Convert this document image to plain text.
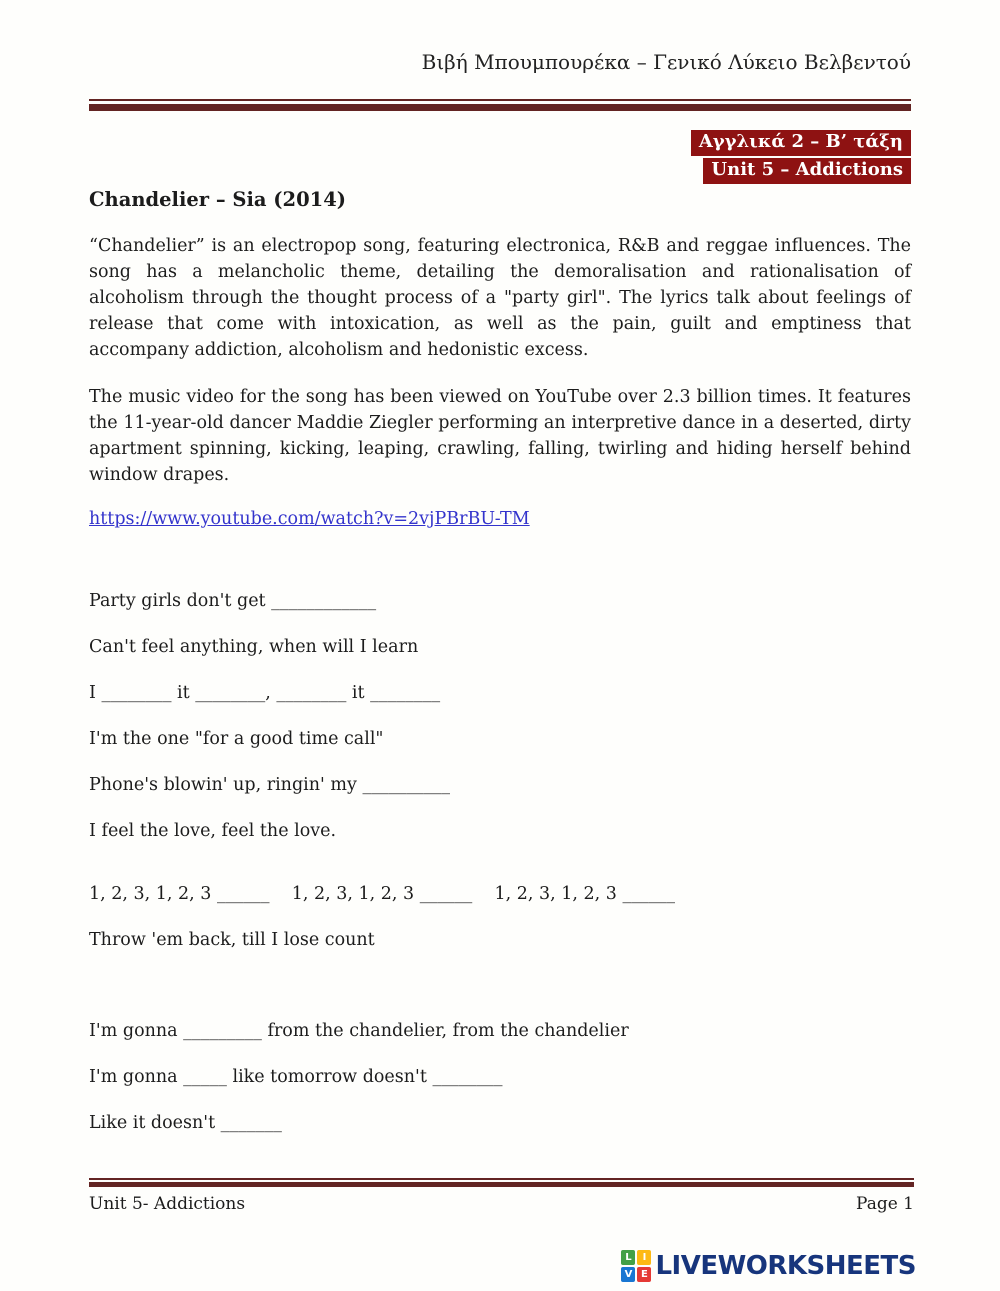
Βιβή Μπουμπουρέκα – Γενικό Λύκειο Βελβεντού
Αγγλικά 2 – Β’ τάξη
Unit 5 – Addictions
Chandelier – Sia (2014)

“Chandelier” is an electropop song, featuring electronica, R&B and reggae influences. The song has a melancholic theme, detailing the demoralisation and rationalisation of alcoholism through the thought process of a "party girl". The lyrics talk about feelings of release that come with intoxication, as well as the pain, guilt and emptiness that accompany addiction, alcoholism and hedonistic excess.

The music video for the song has been viewed on YouTube over 2.3 billion times. It features the 11-year-old dancer Maddie Ziegler performing an interpretive dance in a deserted, dirty apartment spinning, kicking, leaping, crawling, falling, twirling and hiding herself behind window drapes.

https://www.youtube.com/watch?v=2vjPBrBU-TM
Party girls don't get ____________
Can't feel anything, when will I learn
I ________ it ________, ________ it ________
I'm the one "for a good time call"
Phone's blowin' up, ringin' my __________
I feel the love, feel the love.
1, 2, 3, 1, 2, 3 ______    1, 2, 3, 1, 2, 3 ______    1, 2, 3, 1, 2, 3 ______
Throw 'em back, till I lose count
I'm gonna _________ from the chandelier, from the chandelier
I'm gonna _____ like tomorrow doesn't ________
Like it doesn't _______
Unit 5- Addictions	Page 1
L	I
V E LIVEWORKSHEETS
